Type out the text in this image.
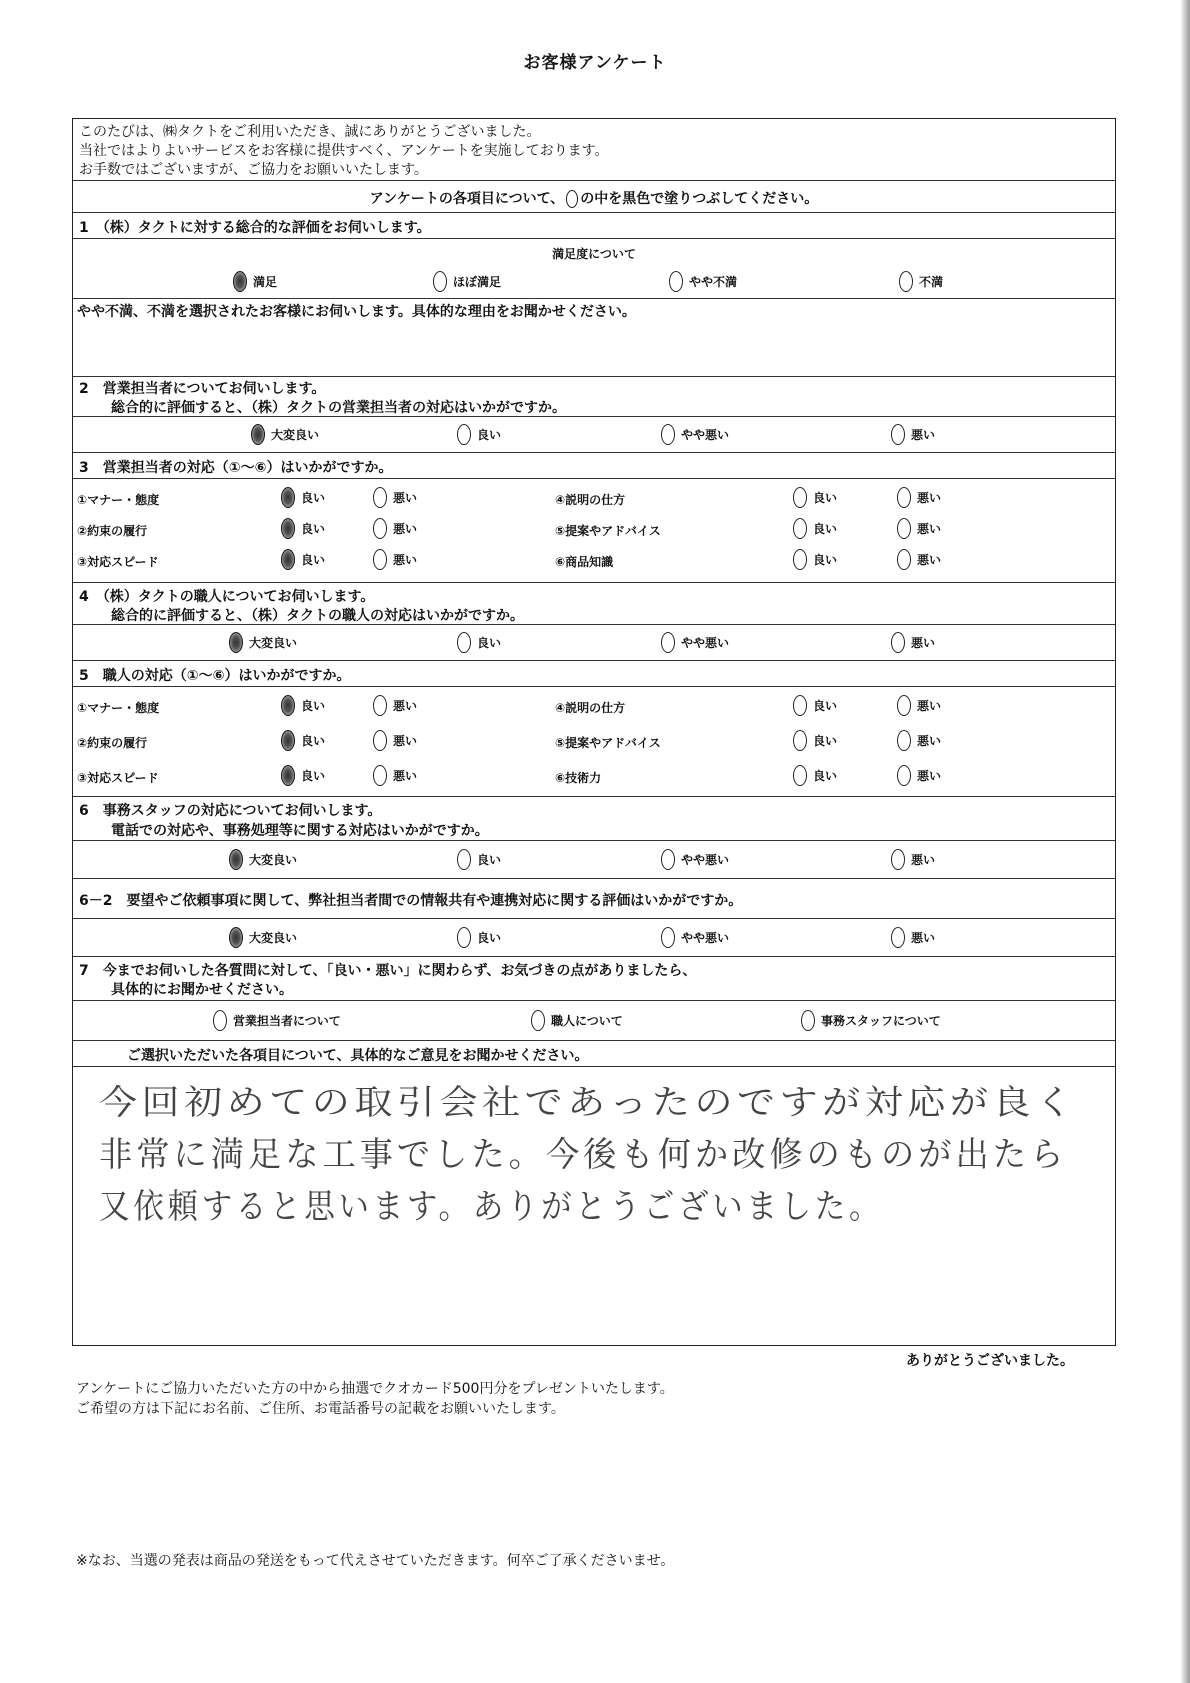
お客様アンケート
このたびは、㈱タクトをご利用いただき、誠にありがとうございました。
当社ではよりよいサービスをお客様に提供すべく、アンケートを実施しております。
お手数ではございますが、ご協力をお願いいたします。
アンケートの各項目について、 の中を黒色で塗りつぶしてください。
1　（株）タクトに対する総合的な評価をお伺いします。
満足度について
満足	ほぼ満足	やや不満	不満
やや不満、不満を選択されたお客様にお伺いします。具体的な理由をお聞かせください。
2　営業担当者についてお伺いします。
総合的に評価すると、（株）タクトの営業担当者の対応はいかがですか。
大変良い	良い	やや悪い	悪い
3　営業担当者の対応（①〜⑥）はいかがですか。
①マナー・態度	良い	悪い	④説明の仕方	良い	悪い
②約束の履行	良い	悪い	⑤提案やアドバイス	良い	悪い
③対応スピード	良い	悪い	⑥商品知識	良い	悪い
4　（株）タクトの職人についてお伺いします。
総合的に評価すると、（株）タクトの職人の対応はいかがですか。
大変良い	良い	やや悪い	悪い
5　職人の対応（①〜⑥）はいかがですか。
①マナー・態度	良い	悪い	④説明の仕方	良い	悪い
②約束の履行	良い	悪い	⑤提案やアドバイス	良い	悪い
③対応スピード	良い	悪い	⑥技術力	良い	悪い
6　事務スタッフの対応についてお伺いします。
電話での対応や、事務処理等に関する対応はいかがですか。
大変良い	良い	やや悪い	悪い
6－2　要望やご依頼事項に関して、弊社担当者間での情報共有や連携対応に関する評価はいかがですか。
大変良い	良い	やや悪い	悪い
7　今までお伺いした各質問に対して、「良い・悪い」に関わらず、お気づきの点がありましたら、
具体的にお聞かせください。
営業担当者について	職人について	事務スタッフについて
ご選択いただいた各項目について、具体的なご意見をお聞かせください。
今回初めての取引会社であったのですが対応が良く
非常に満足な工事でした。今後も何か改修のものが出たら
又依頼すると思います。ありがとうございました。
ありがとうございました。
アンケートにご協力いただいた方の中から抽選でクオカード500円分をプレゼントいたします。
ご希望の方は下記にお名前、ご住所、お電話番号の記載をお願いいたします。
※なお、当選の発表は商品の発送をもって代えさせていただきます。何卒ご了承くださいませ。
